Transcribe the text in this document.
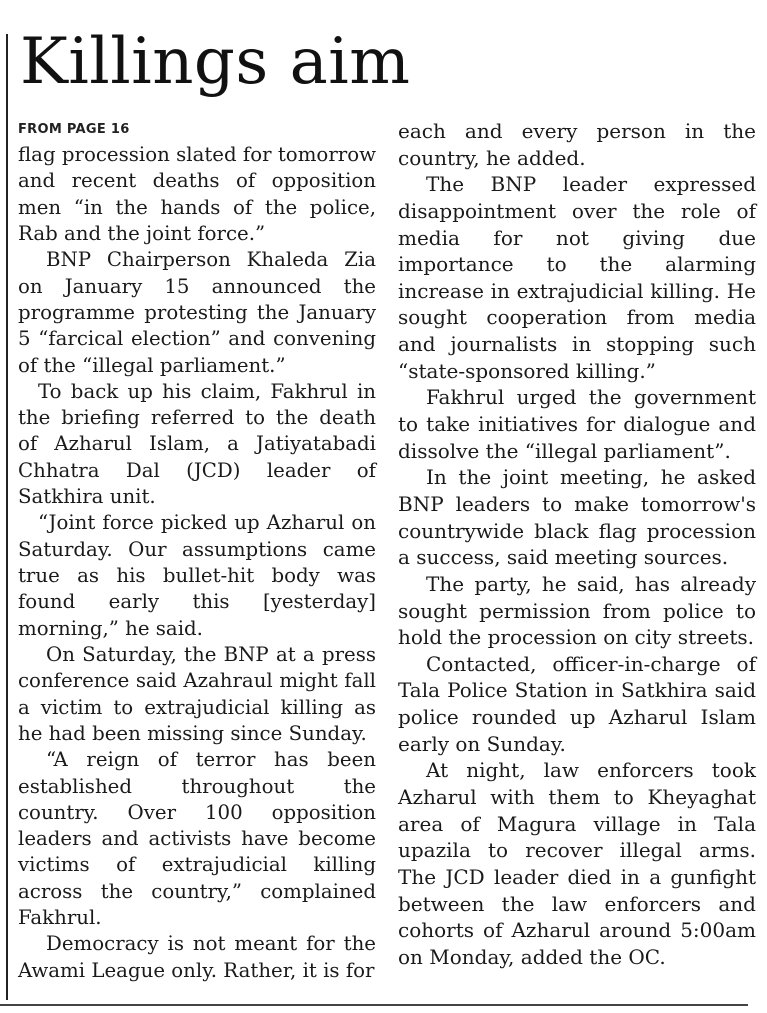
Killings aim
FROM PAGE 16

flag procession slated for tomorrow and recent deaths of opposition men “in the hands of the police, Rab and the joint force.”

BNP Chairperson Khaleda Zia on January 15 announced the programme protesting the January 5 “farcical election” and convening of the “illegal parliament.”

To back up his claim, Fakhrul in the briefing referred to the death of Azharul Islam, a Jatiyatabadi Chhatra Dal (JCD) leader of Satkhira unit.

“Joint force picked up Azharul on Saturday. Our assumptions came true as his bullet-hit body was found early this [yesterday] morning,” he said.

On Saturday, the BNP at a press conference said Azahraul might fall a victim to extrajudicial killing as he had been missing since Sunday.

“A reign of terror has been established throughout the country. Over 100 opposition leaders and activists have become victims of extrajudicial killing across the country,” complained Fakhrul.

Democracy is not meant for the Awami League only. Rather, it is for

each and every person in the country, he added.

The BNP leader expressed disappointment over the role of media for not giving due importance to the alarming increase in extrajudicial killing. He sought cooperation from media and journalists in stopping such “state-sponsored killing.”

Fakhrul urged the government to take initiatives for dialogue and dissolve the “illegal parliament”.

In the joint meeting, he asked BNP leaders to make tomorrow's countrywide black flag procession a success, said meeting sources.

The party, he said, has already sought permission from police to hold the procession on city streets.

Contacted, officer-in-charge of Tala Police Station in Satkhira said police rounded up Azharul Islam early on Sunday.

At night, law enforcers took Azharul with them to Kheyaghat area of Magura village in Tala upazila to recover illegal arms. The JCD leader died in a gunfight between the law enforcers and cohorts of Azharul around 5:00am on Monday, added the OC.
